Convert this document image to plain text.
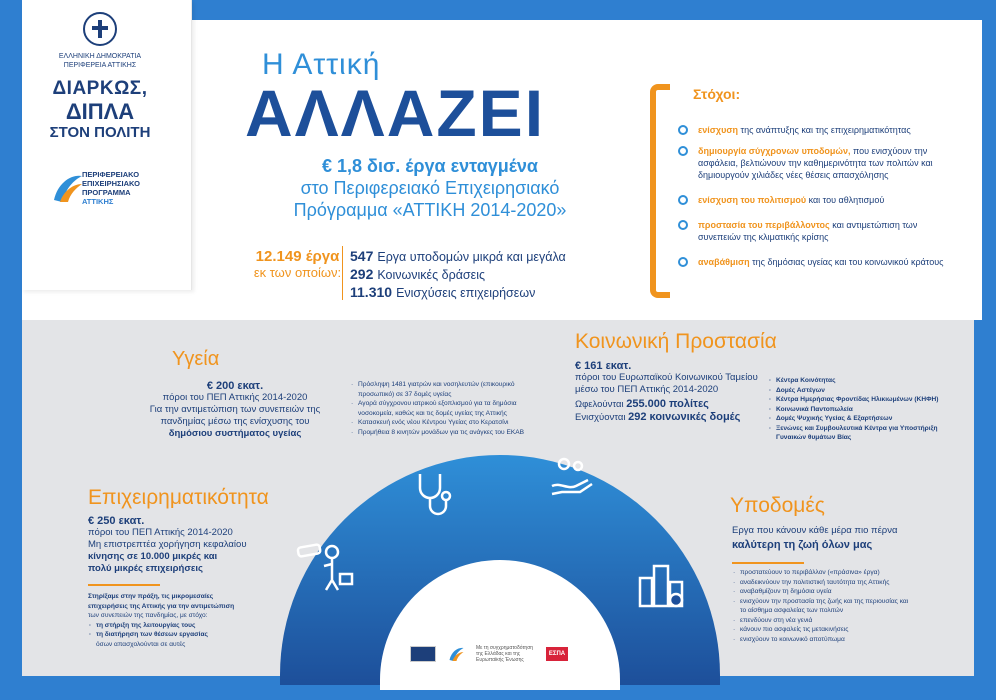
ΕΛΛΗΝΙΚΗ ΔΗΜΟΚΡΑΤΙΑ
ΠΕΡΙΦΕΡΕΙΑ ΑΤΤΙΚΗΣ
ΔΙΑΡΚΩΣ,
ΔΙΠΛΑ
ΣΤΟΝ ΠΟΛΙΤΗ
ΠΕΡΙΦΕΡΕΙΑΚΟ
ΕΠΙΧΕΙΡΗΣΙΑΚΟ
ΠΡΟΓΡΑΜΜΑ
ΑΤΤΙΚΗΣ
Η Αττική
ΑΛΛΑΖΕΙ
€ 1,8 δισ. έργα ενταγμένα
στο Περιφερειακό Επιχειρησιακό
Πρόγραμμα «ΑΤΤΙΚΗ 2014-2020»
12.149 έργα
εκ των οποίων:
547 Εργα υποδομών μικρά και μεγάλα
292 Κοινωνικές δράσεις
11.310 Ενισχύσεις επιχειρήσεων
Στόχοι:
ενίσχυση της ανάπτυξης και της επιχειρηματικότητας
δημιουργία σύγχρονων υποδομών, που ενισχύουν την ασφάλεια, βελτιώνουν την καθημερινότητα των πολιτών και δημιουργούν χιλιάδες νέες θέσεις απασχόλησης
ενίσχυση του πολιτισμού και του αθλητισμού
προστασία του περιβάλλοντος και αντιμετώπιση των συνεπειών της κλιματικής κρίσης
αναβάθμιση της δημόσιας υγείας και του κοινωνικού κράτους
Υγεία
€ 200 εκατ.
πόροι του ΠΕΠ Αττικής 2014-2020
Για την αντιμετώπιση των συνεπειών της
πανδημίας μέσω της ενίσχυσης του
δημόσιου συστήματος υγείας
· Πρόσληψη 1481 γιατρών και νοσηλευτών (επικουρικό προσωπικό) σε 37 δομές υγείας
· Αγορά σύγχρονου ιατρικού εξοπλισμού για τα δημόσια νοσοκομεία, καθώς και τις δομές υγείας της Αττικής
· Κατασκευή ενός νέου Κέντρου Υγείας στο Κερατσίνι
· Προμήθεια 8 κινητών μονάδων για τις ανάγκες του ΕΚΑΒ
Κοινωνική Προστασία
€ 161 εκατ.
πόροι του Ευρωπαϊκού Κοινωνικού Ταμείου
μέσω του ΠΕΠ Αττικής 2014-2020
Ωφελούνται 255.000 πολίτες
Ενισχύονται 292 κοινωνικές δομές
· Κέντρα Κοινότητας
· Δομές Αστέγων
· Κέντρα Ημερήσιας Φροντίδας Ηλικιωμένων (ΚΗΦΗ)
· Κοινωνικά Παντοπωλεία
· Δομές Ψυχικής Υγείας & Εξαρτήσεων
· Ξενώνες και Συμβουλευτικά Κέντρα για Υποστήριξη Γυναικών θυμάτων Βίας
Επιχειρηματικότητα
€ 250 εκατ.
πόροι του ΠΕΠ Αττικής 2014-2020
Μη επιστρεπτέα χορήγηση κεφαλαίου
κίνησης σε 10.000 μικρές και
πολύ μικρές επιχειρήσεις
Στηρίξαμε στην πράξη, τις μικρομεσαίες
επιχειρήσεις της Αττικής για την αντιμετώπιση
των συνεπειών της πανδημίας, με στόχο:
· τη στήριξη της λειτουργίας τους
· τη διατήρηση των θέσεων εργασίας
όσων απασχολούνται σε αυτές
Υποδομές
Εργα που κάνουν κάθε μέρα πιο πέρνα
καλύτερη τη ζωή όλων μας
· προστατεύουν το περιβάλλον («πράσινα» έργα)
· αναδεικνύουν την πολιτιστική ταυτότητα της Αττικής
· αναβαθμίζουν τη δημόσια υγεία
· ενισχύουν την προστασία της ζωής και της περιουσίας και το αίσθημα ασφαλείας των πολιτών
· επενδύουν στη νέα γενιά
· κάνουν πιο ασφαλείς τις μετακινήσεις
· ενισχύουν το κοινωνικό αποτύπωμα
Με τη συγχρηματοδότηση της Ελλάδας και της Ευρωπαϊκής Ένωσης
ΕΣΠΑ
